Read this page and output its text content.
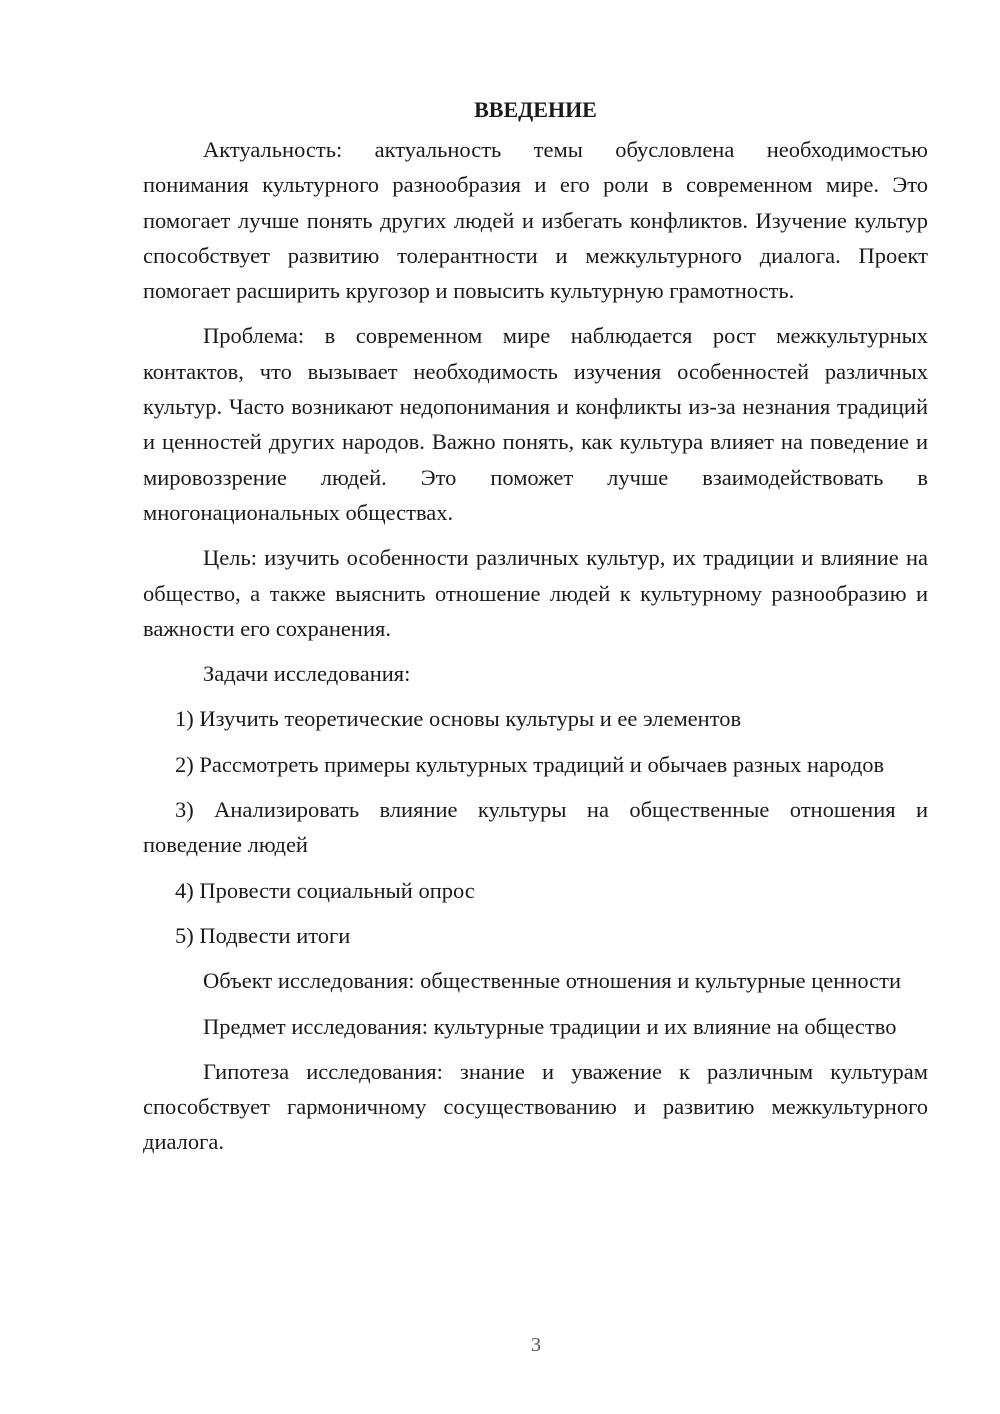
ВВЕДЕНИЕ

Актуальность: актуальность темы обусловлена необходимостью понимания культурного разнообразия и его роли в современном мире. Это помогает лучше понять других людей и избегать конфликтов. Изучение культур способствует развитию толерантности и межкультурного диалога. Проект помогает расширить кругозор и повысить культурную грамотность.

Проблема: в современном мире наблюдается рост межкультурных контактов, что вызывает необходимость изучения особенностей различных культур. Часто возникают недопонимания и конфликты из-за незнания традиций и ценностей других народов. Важно понять, как культура влияет на поведение и мировоззрение людей. Это поможет лучше взаимодействовать в многонациональных обществах.

Цель: изучить особенности различных культур, их традиции и влияние на общество, а также выяснить отношение людей к культурному разнообразию и важности его сохранения.

Задачи исследования:

1) Изучить теоретические основы культуры и ее элементов

2) Рассмотреть примеры культурных традиций и обычаев разных народов

3) Анализировать влияние культуры на общественные отношения и поведение людей

4) Провести социальный опрос

5) Подвести итоги

Объект исследования: общественные отношения и культурные ценности

Предмет исследования: культурные традиции и их влияние на общество

Гипотеза исследования: знание и уважение к различным культурам способствует гармоничному сосуществованию и развитию межкультурного диалога.

3
